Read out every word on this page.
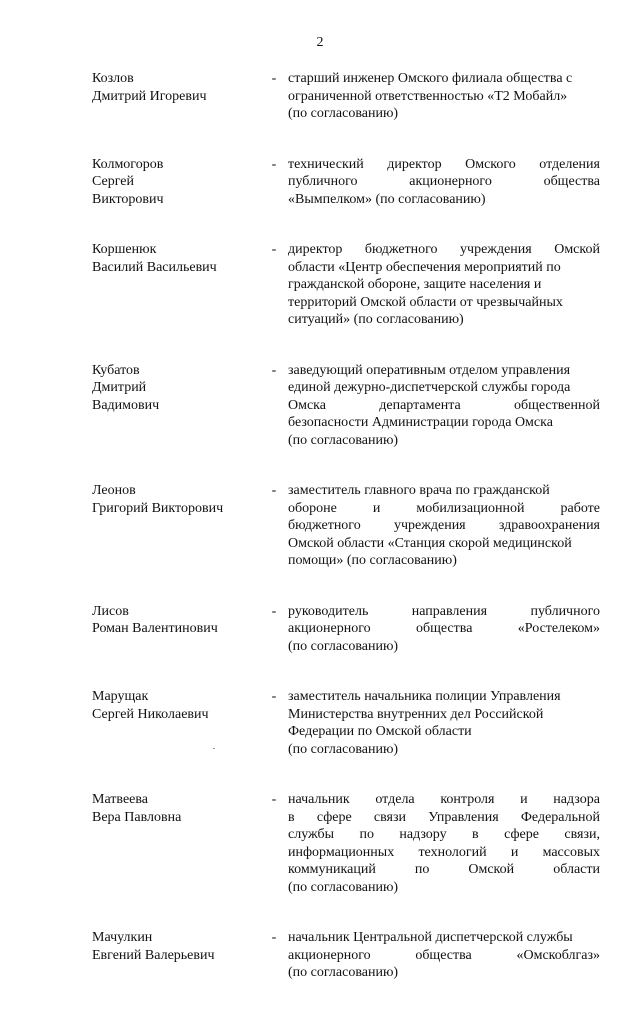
2
Козлов
Дмитрий Игоревич
- старший инженер Омского филиала общества с
ограниченной ответственностью «Т2 Мобайл»
(по согласованию)
Колмогоров
Сергей
Викторович
- технический директор Омского отделения
публичного	акционерного	общества
«Вымпелком» (по согласованию)
Коршенюк
Василий Васильевич
- директор бюджетного учреждения Омской
области «Центр обеспечения мероприятий по
гражданской обороне, защите населения и
территорий Омской области от чрезвычайных
ситуаций» (по согласованию)
Кубатов
Дмитрий
Вадимович
- заведующий оперативным отделом управления
единой дежурно-диспетчерской службы города
Омска	департамента	общественной
безопасности Администрации города Омска
(по согласованию)
Леонов
Григорий Викторович
- заместитель главного врача по гражданской
обороне	и	мобилизационной	работе
бюджетного учреждения здравоохранения
Омской области «Станция скорой медицинской
помощи» (по согласованию)
Лисов
Роман Валентинович
- руководитель	направления	публичного
акционерного	общества	«Ростелеком»
(по согласованию)
Марущак
Сергей Николаевич
- заместитель начальника полиции Управления
Министерства внутренних дел Российской
Федерации по Омской области
(по согласованию)
Матвеева
Вера Павловна
- начальник отдела контроля и надзора
в сфере связи Управления Федеральной
службы по надзору в сфере связи,
информационных технологий и массовых
коммуникаций	по	Омской	области
(по согласованию)
Мачулкин
Евгений Валерьевич
- начальник Центральной диспетчерской службы
акционерного	общества	«Омскоблгаз»
(по согласованию)
